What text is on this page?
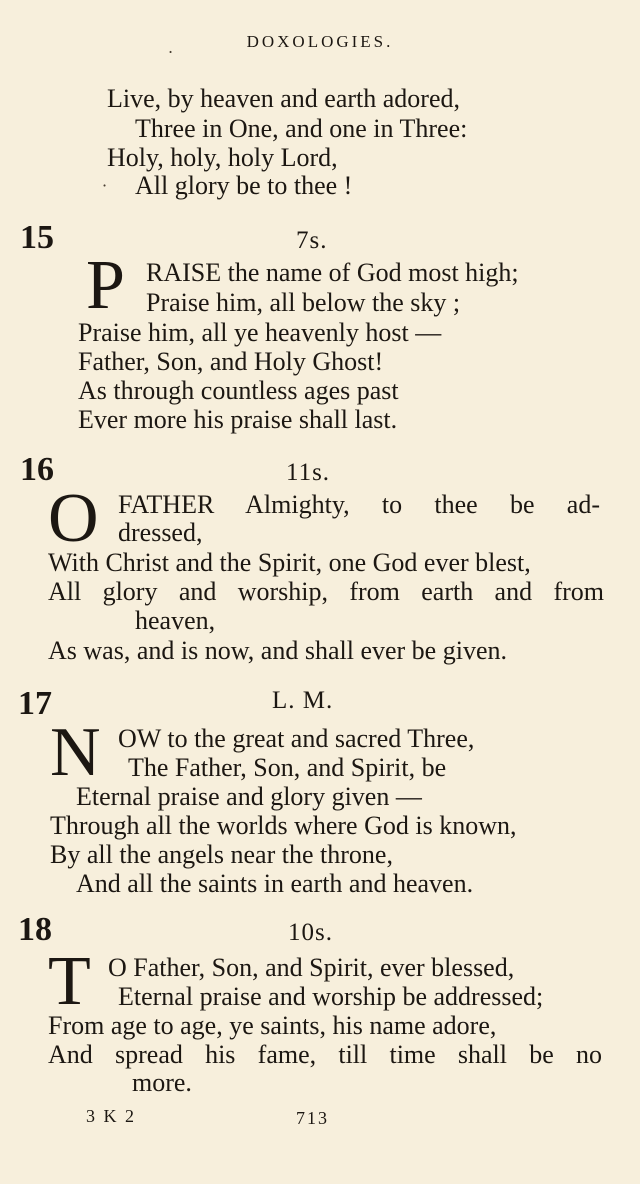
.	DOXOLOGIES.
Live, by heaven and earth adored,
Three in One, and one in Three:
Holy, holy, holy Lord,
· All glory be to thee !
15	7s.
P RAISE the name of God most high;
Praise him, all below the sky ;
Praise him, all ye heavenly host —
Father, Son, and Holy Ghost!
As through countless ages past
Ever more his praise shall last.
16	11s.
O FATHER Almighty, to thee be ad-
dressed,
With Christ and the Spirit, one God ever blest,
All glory and worship, from earth and from
heaven,
As was, and is now, and shall ever be given.
17	L. M.
N OW to the great and sacred Three,
The Father, Son, and Spirit, be
Eternal praise and glory given —
Through all the worlds where God is known,
By all the angels near the throne,
And all the saints in earth and heaven.
18	10s.
T O Father, Son, and Spirit, ever blessed,
Eternal praise and worship be addressed;
From age to age, ye saints, his name adore,
And spread his fame, till time shall be no
more.
3 K 2	713
